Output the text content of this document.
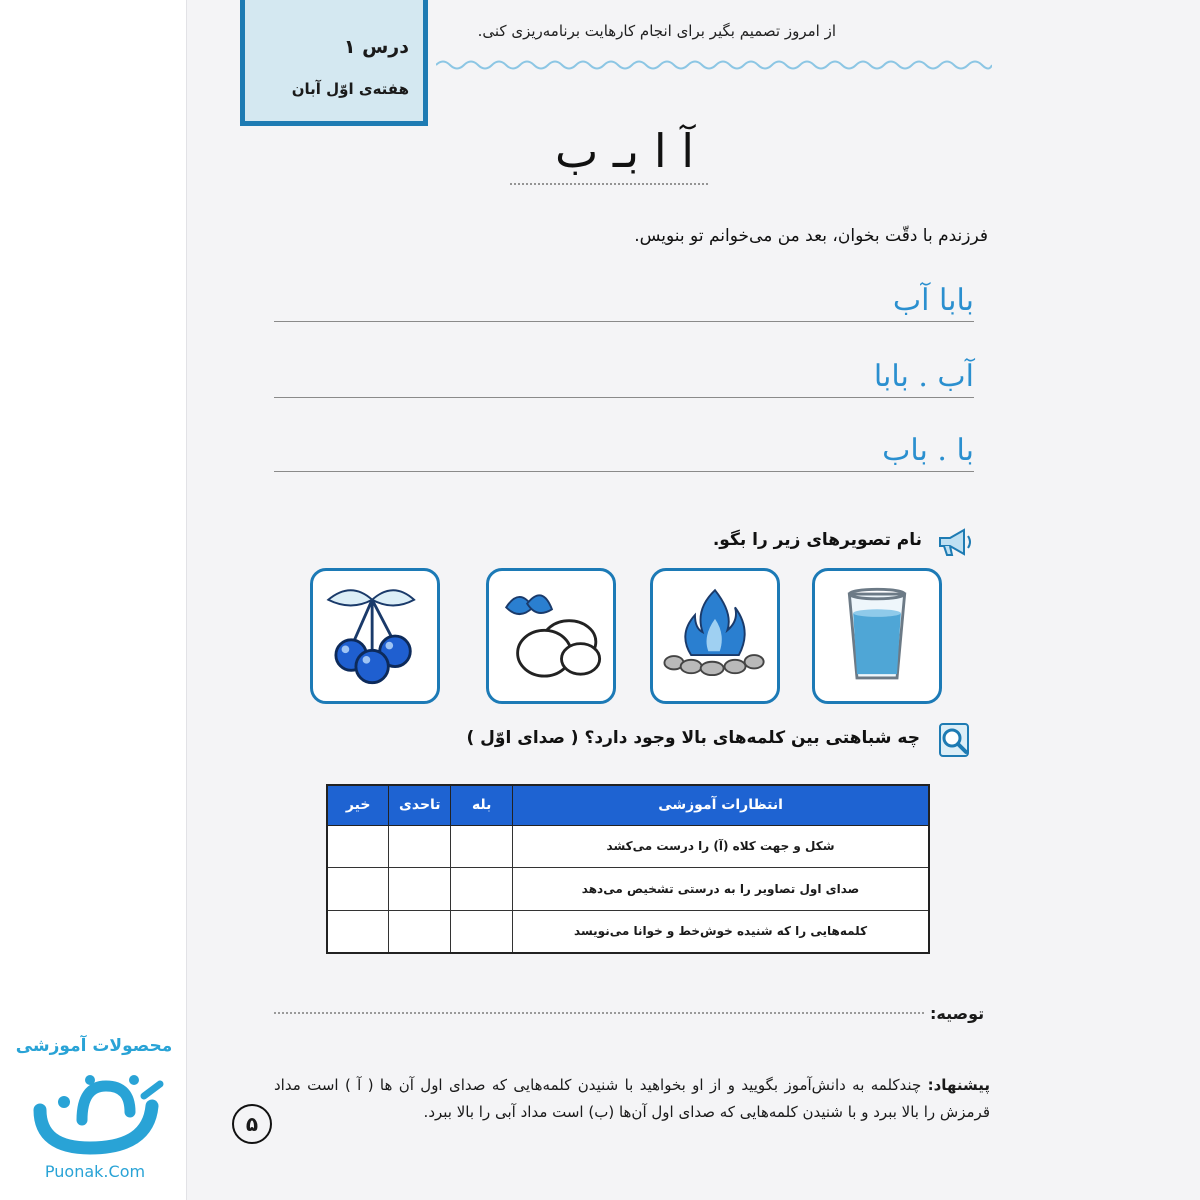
محصولات آموزشی
Puonak.Com
درس ۱
هفته‌ی اوّل آبان
از امروز تصمیم بگیر برای انجام کارهایت برنامه‌ریزی کنی.
آ ا بـ ب
فرزندم با دقّت بخوان، بعد من می‌خوانم تو بنویس.
بابا آب
آب . بابا
با . باب
نام تصویرهای زیر را بگو.
چه شباهتی بین کلمه‌های بالا وجود دارد؟ ( صدای اوّل )
انتظارات آموزشی	بله	تاحدی	خیر
شکل و جهت کلاه (آ) را درست می‌کشد			
صدای اول تصاویر را به درستی تشخیص می‌دهد			
کلمه‌هایی را که شنیده خوش‌خط و خوانا می‌نویسد			
توصیه:
پیشنهاد: چندکلمه به دانش‌آموز بگویید و از او بخواهید با شنیدن کلمه‌هایی که صدای اول آن ها ( آ ) است مداد قرمزش را بالا ببرد و با شنیدن کلمه‌هایی که صدای اول آن‌ها (ب) است مداد آبی را بالا ببرد.
۵
